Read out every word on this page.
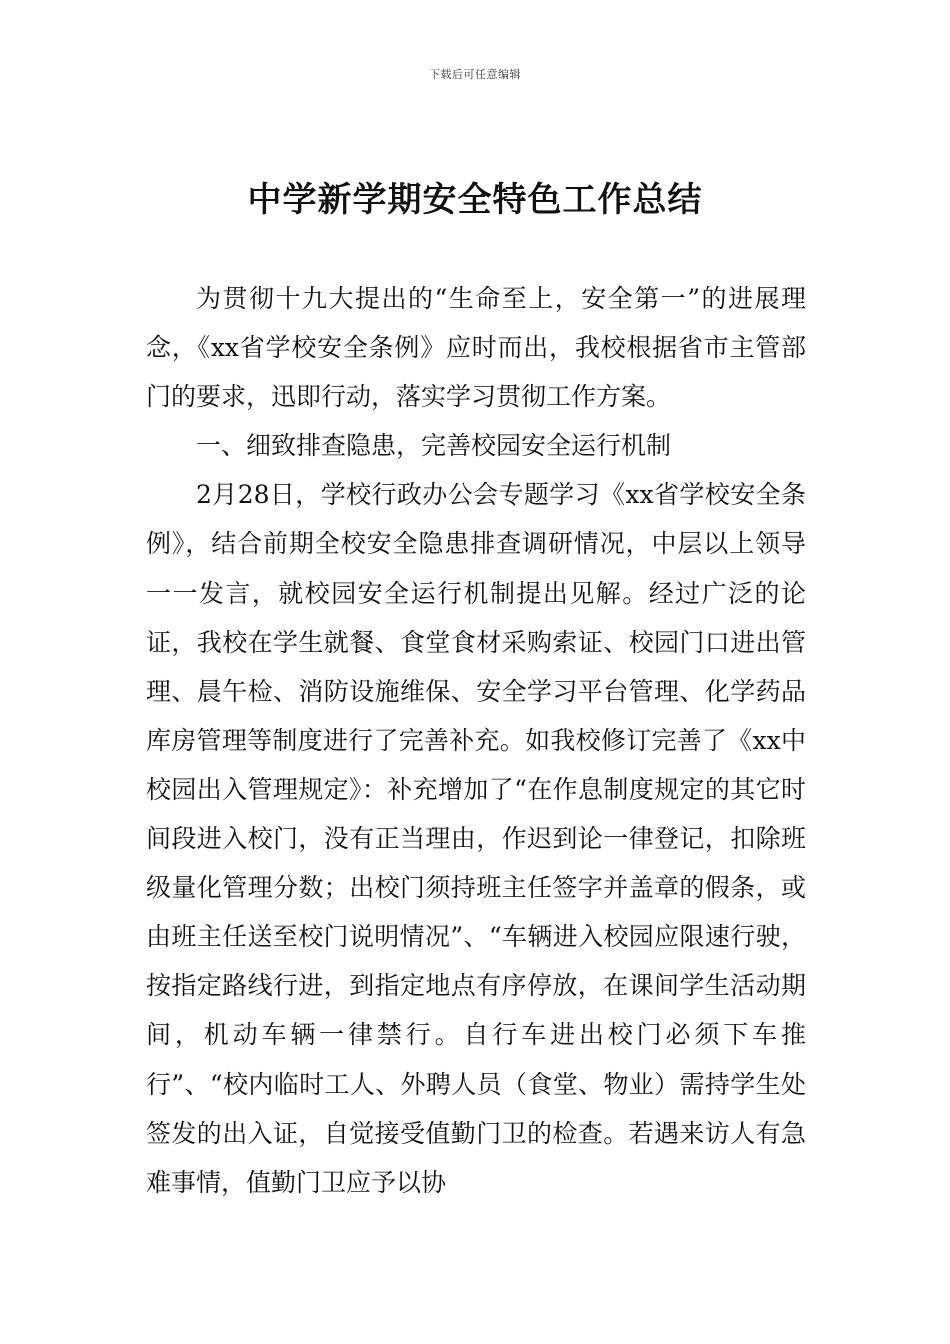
下载后可任意编辑
中学新学期安全特色工作总结

为贯彻十九大提出的“生命至上，安全第一”的进展理念，《xx省学校安全条例》应时而出，我校根据省市主管部门的要求，迅即行动，落实学习贯彻工作方案。

一、细致排查隐患，完善校园安全运行机制

2月28日，学校行政办公会专题学习《xx省学校安全条例》，结合前期全校安全隐患排查调研情况，中层以上领导一一发言，就校园安全运行机制提出见解。经过广泛的论证，我校在学生就餐、食堂食材采购索证、校园门口进出管理、晨午检、消防设施维保、安全学习平台管理、化学药品库房管理等制度进行了完善补充。如我校修订完善了《xx中校园出入管理规定》：补充增加了“在作息制度规定的其它时间段进入校门，没有正当理由，作迟到论一律登记，扣除班级量化管理分数；出校门须持班主任签字并盖章的假条，或由班主任送至校门说明情况”、“车辆进入校园应限速行驶，按指定路线行进，到指定地点有序停放，在课间学生活动期间，机动车辆一律禁行。自行车进出校门必须下车推行”、“校内临时工人、外聘人员（食堂、物业）需持学生处签发的出入证，自觉接受值勤门卫的检查。若遇来访人有急难事情，值勤门卫应予以协
